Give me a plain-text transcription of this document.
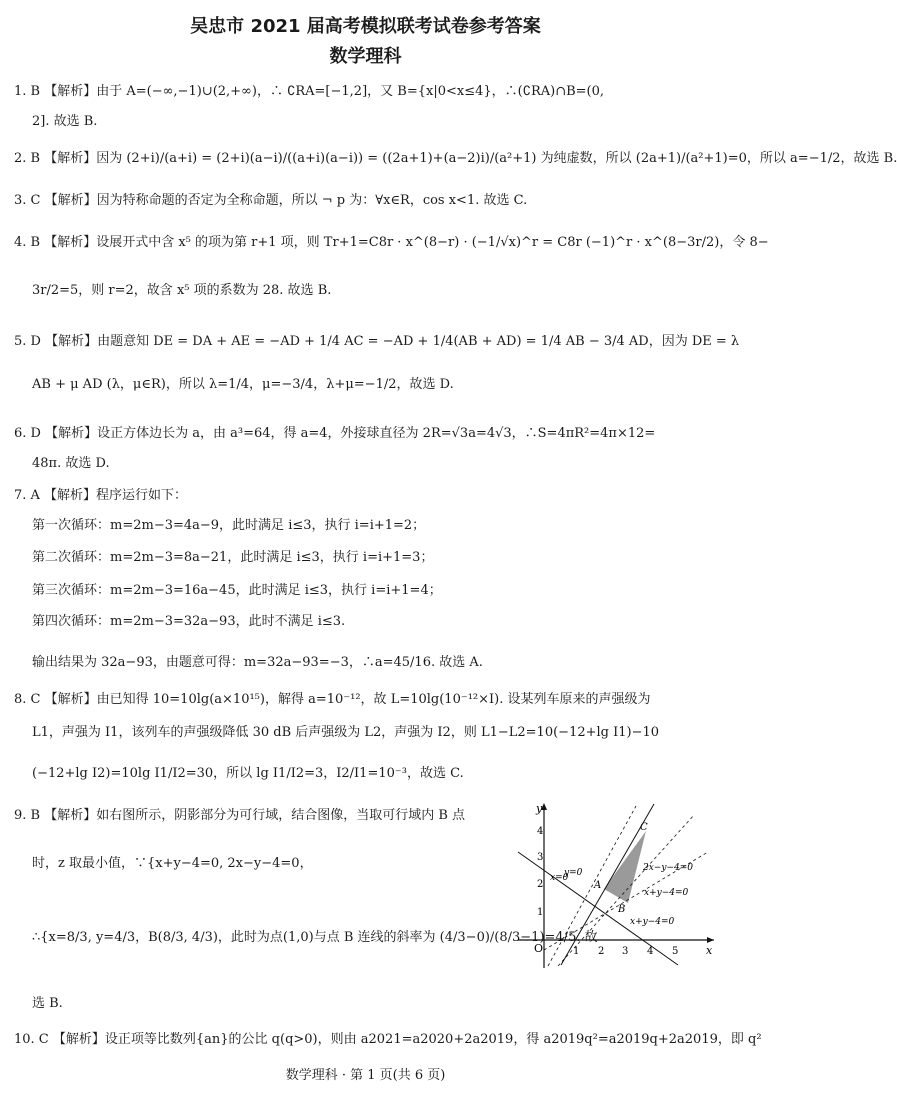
吴忠市 2021 届高考模拟联考试卷参考答案
数学理科
1. B 【解析】由于 A=(−∞,−1)∪(2,+∞)，∴ ∁RA=[−1,2]，又 B={x|0<x≤4}，∴(∁RA)∩B=(0,
2]. 故选 B.
2. B 【解析】因为 (2+i)/(a+i) = (2+i)(a−i)/((a+i)(a−i)) = ((2a+1)+(a−2)i)/(a²+1) 为纯虚数，所以 (2a+1)/(a²+1)=0，所以 a=−1/2，故选 B.
3. C 【解析】因为特称命题的否定为全称命题，所以 ¬ p 为：∀x∈R，cos x<1. 故选 C.
4. B 【解析】设展开式中含 x⁵ 的项为第 r+1 项，则 Tr+1=C8r · x^(8−r) · (−1/√x)^r = C8r (−1)^r · x^(8−3r/2)，令 8−
3r/2=5，则 r=2，故含 x⁵ 项的系数为 28. 故选 B.
5. D 【解析】由题意知 DE = DA + AE = −AD + 1/4 AC = −AD + 1/4(AB + AD) = 1/4 AB − 3/4 AD，因为 DE = λ
AB + μ AD (λ，μ∈R)，所以 λ=1/4，μ=−3/4，λ+μ=−1/2，故选 D.
6. D 【解析】设正方体边长为 a，由 a³=64，得 a=4，外接球直径为 2R=√3a=4√3，∴S=4πR²=4π×12=
48π. 故选 D.
7. A 【解析】程序运行如下：
第一次循环：m=2m−3=4a−9，此时满足 i≤3，执行 i=i+1=2；
第二次循环：m=2m−3=8a−21，此时满足 i≤3，执行 i=i+1=3；
第三次循环：m=2m−3=16a−45，此时满足 i≤3，执行 i=i+1=4；
第四次循环：m=2m−3=32a−93，此时不满足 i≤3.
输出结果为 32a−93，由题意可得：m=32a−93=−3，∴a=45/16. 故选 A.
8. C 【解析】由已知得 10=10lg(a×10¹⁵)，解得 a=10⁻¹²，故 L=10lg(10⁻¹²×I). 设某列车原来的声强级为
L1，声强为 I1，该列车的声强级降低 30 dB 后声强级为 L2，声强为 I2，则 L1−L2=10(−12+lg I1)−10
(−12+lg I2)=10lg I1/I2=30，所以 lg I1/I2=3，I2/I1=10⁻³，故选 C.
9. B 【解析】如右图所示，阴影部分为可行域，结合图像，当取可行域内 B 点
时，z 取最小值，∵{x+y−4=0, 2x−y−4=0，
∴{x=8/3, y=4/3，B(8/3, 4/3)，此时为点(1,0)与点 B 连线的斜率为 (4/3−0)/(8/3−1)=4/5. 故
选 B.
10. C 【解析】设正项等比数列{an}的公比 q(q>0)，则由 a2021=a2020+2a2019，得 a2019q²=a2019q+2a2019，即 q²
y
x
O	1 2 3 4 5
1
2
3
4
A
B
C
x=0
y=0	2x−y−4=0
x+y−4=0
x+y−4=0
数学理科 · 第 1 页(共 6 页)
